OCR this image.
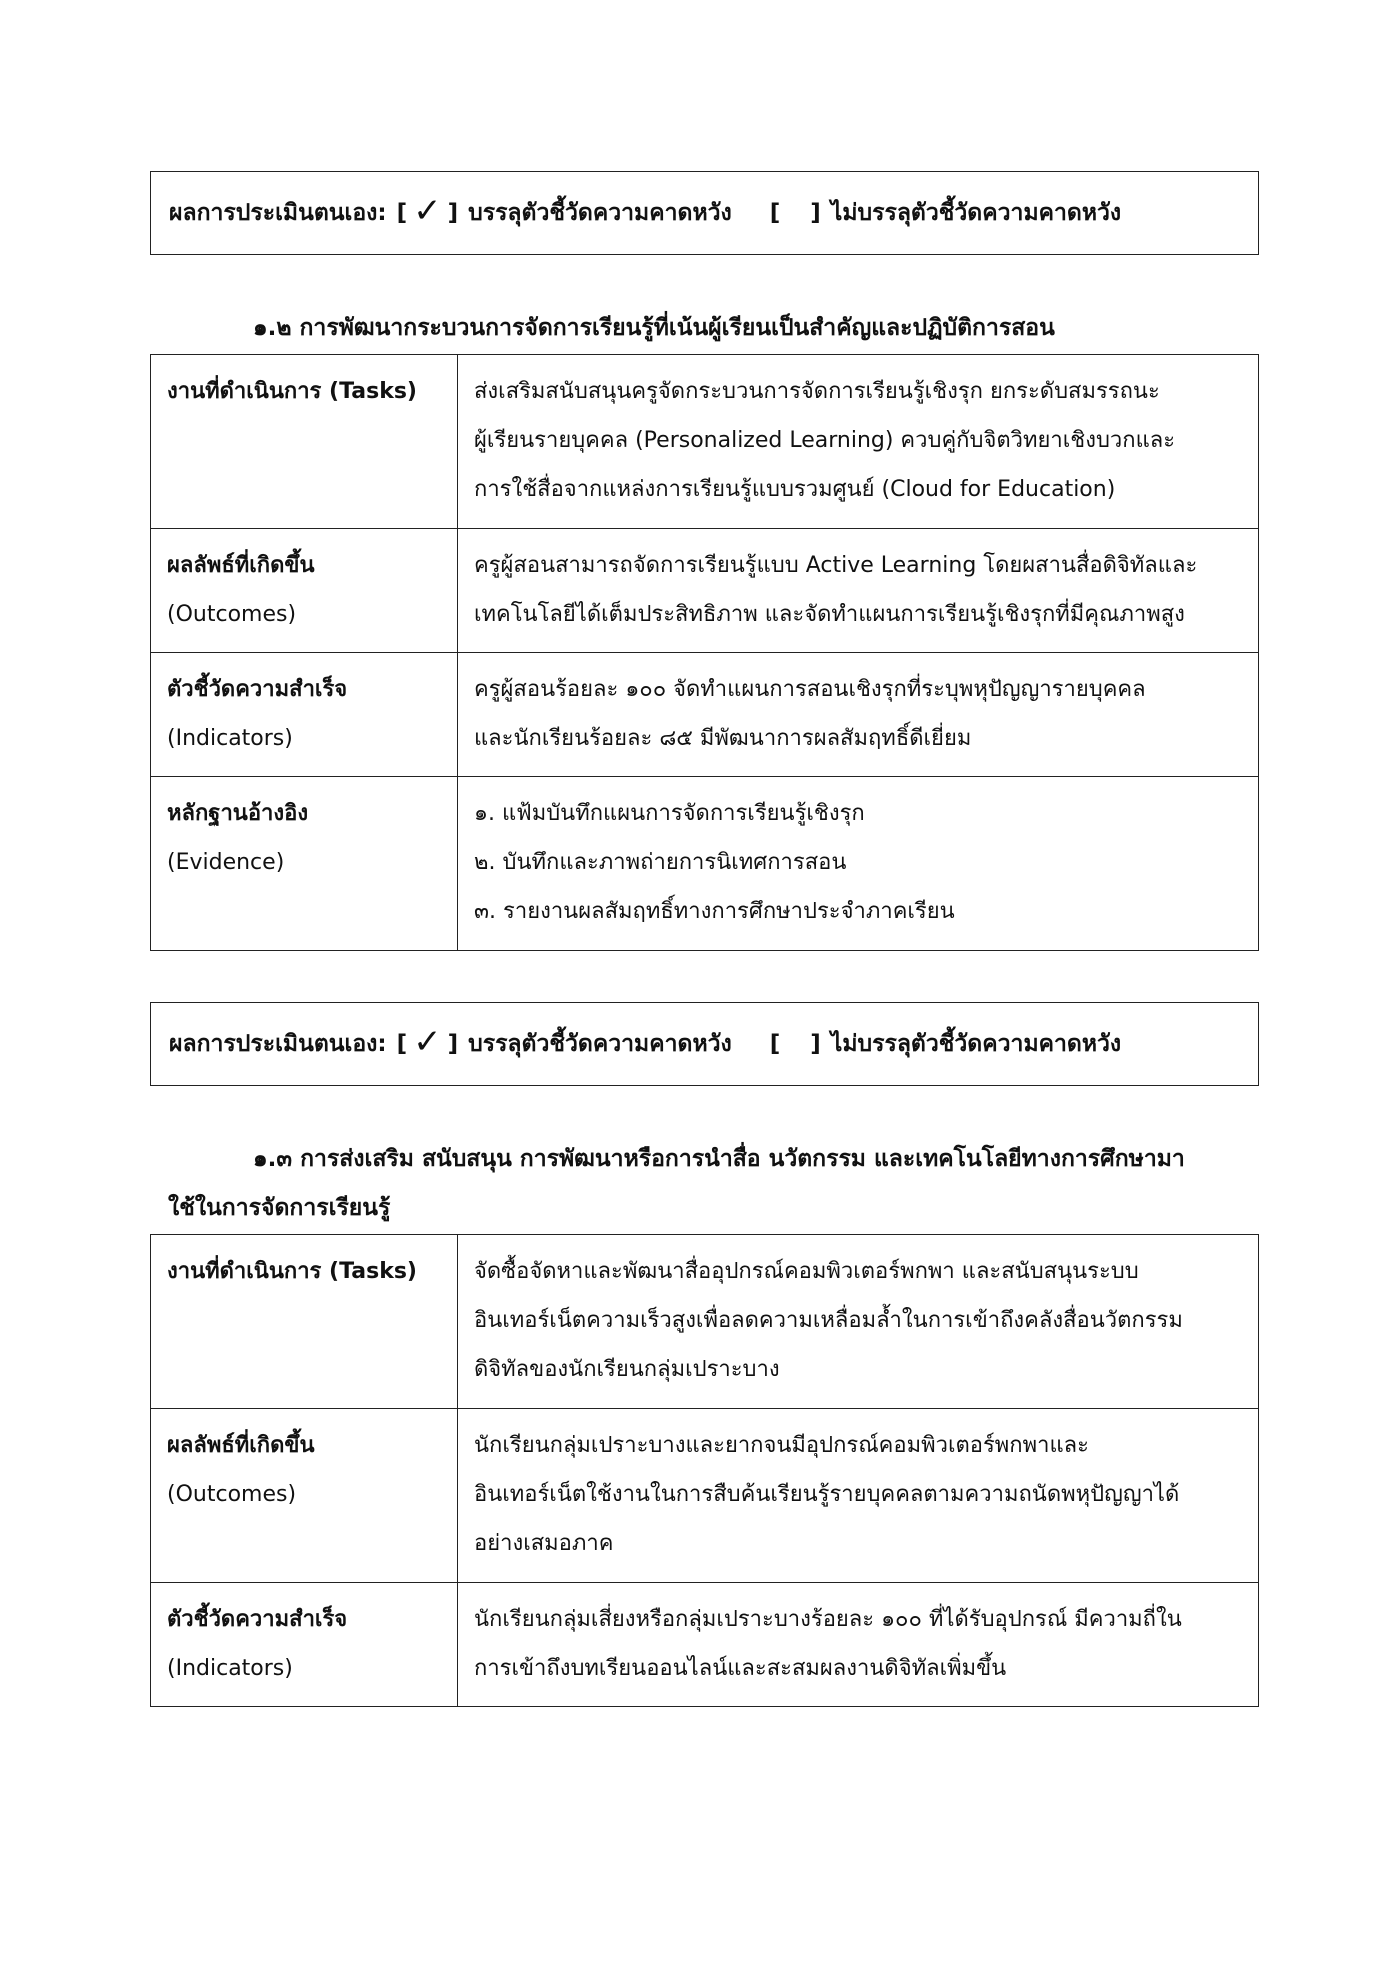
ผลการประเมินตนเอง: [ ✓ ] บรรลุตัวชี้วัดความคาดหวัง [ ] ไม่บรรลุตัวชี้วัดความคาดหวัง
๑.๒ การพัฒนากระบวนการจัดการเรียนรู้ที่เน้นผู้เรียนเป็นสำคัญและปฏิบัติการสอน
งานที่ดำเนินการ (Tasks)	ส่งเสริมสนับสนุนครูจัดกระบวนการจัดการเรียนรู้เชิงรุก ยกระดับสมรรถนะ
ผู้เรียนรายบุคคล (Personalized Learning) ควบคู่กับจิตวิทยาเชิงบวกและ
การใช้สื่อจากแหล่งการเรียนรู้แบบรวมศูนย์ (Cloud for Education)

ผลลัพธ์ที่เกิดขึ้น
(Outcomes)	ครูผู้สอนสามารถจัดการเรียนรู้แบบ Active Learning โดยผสานสื่อดิจิทัลและ
เทคโนโลยีได้เต็มประสิทธิภาพ และจัดทำแผนการเรียนรู้เชิงรุกที่มีคุณภาพสูง

ตัวชี้วัดความสำเร็จ
(Indicators)	ครูผู้สอนร้อยละ ๑๐๐ จัดทำแผนการสอนเชิงรุกที่ระบุพหุปัญญารายบุคคล
และนักเรียนร้อยละ ๘๕ มีพัฒนาการผลสัมฤทธิ์ดีเยี่ยม

หลักฐานอ้างอิง
(Evidence)	๑. แฟ้มบันทึกแผนการจัดการเรียนรู้เชิงรุก
๒. บันทึกและภาพถ่ายการนิเทศการสอน
๓. รายงานผลสัมฤทธิ์ทางการศึกษาประจำภาคเรียน
ผลการประเมินตนเอง: [ ✓ ] บรรลุตัวชี้วัดความคาดหวัง [ ] ไม่บรรลุตัวชี้วัดความคาดหวัง
๑.๓ การส่งเสริม สนับสนุน การพัฒนาหรือการนำสื่อ นวัตกรรม และเทคโนโลยีทางการศึกษามา
ใช้ในการจัดการเรียนรู้
งานที่ดำเนินการ (Tasks)	จัดซื้อจัดหาและพัฒนาสื่ออุปกรณ์คอมพิวเตอร์พกพา และสนับสนุนระบบ
อินเทอร์เน็ตความเร็วสูงเพื่อลดความเหลื่อมล้ำในการเข้าถึงคลังสื่อนวัตกรรม
ดิจิทัลของนักเรียนกลุ่มเปราะบาง

ผลลัพธ์ที่เกิดขึ้น
(Outcomes)	นักเรียนกลุ่มเปราะบางและยากจนมีอุปกรณ์คอมพิวเตอร์พกพาและ
อินเทอร์เน็ตใช้งานในการสืบค้นเรียนรู้รายบุคคลตามความถนัดพหุปัญญาได้
อย่างเสมอภาค

ตัวชี้วัดความสำเร็จ
(Indicators)	นักเรียนกลุ่มเสี่ยงหรือกลุ่มเปราะบางร้อยละ ๑๐๐ ที่ได้รับอุปกรณ์ มีความถี่ใน
การเข้าถึงบทเรียนออนไลน์และสะสมผลงานดิจิทัลเพิ่มขึ้น
